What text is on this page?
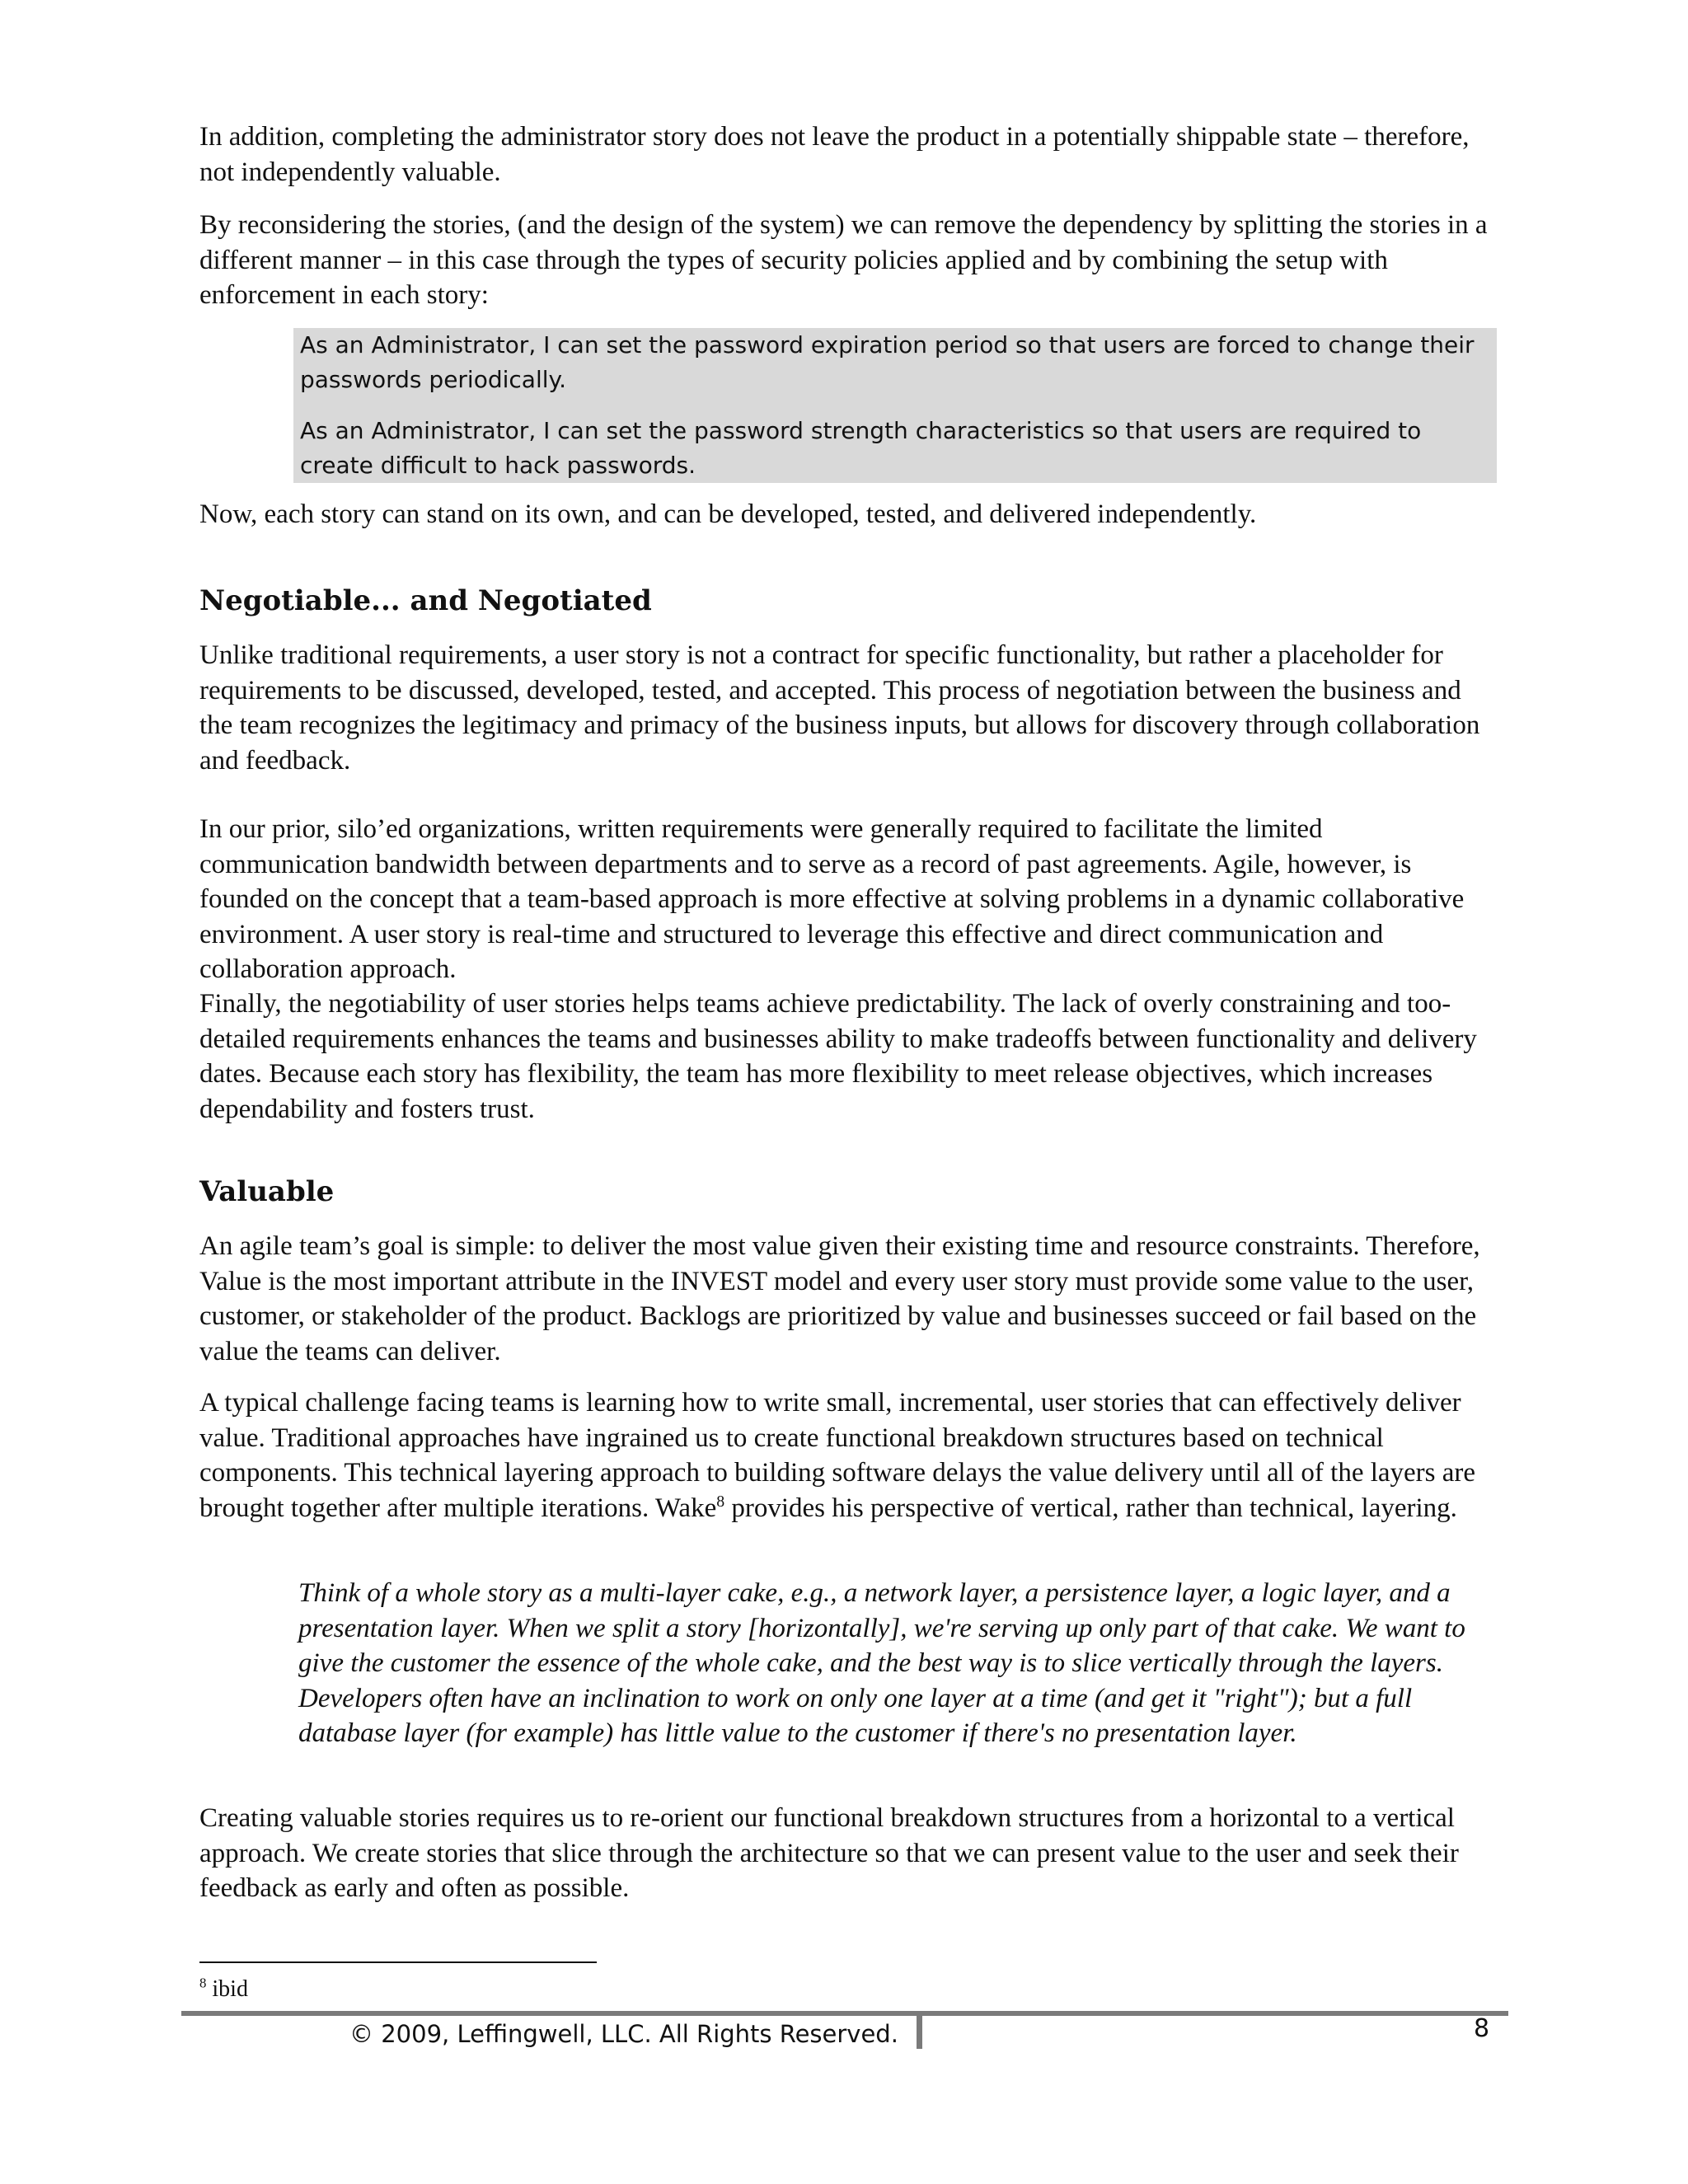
In addition, completing the administrator story does not leave the product in a potentially shippable state – therefore, not independently valuable.

By reconsidering the stories, (and the design of the system) we can remove the dependency by splitting the stories in a different manner – in this case through the types of security policies applied and by combining the setup with enforcement in each story:

As an Administrator, I can set the password expiration period so that users are forced to change their passwords periodically.

As an Administrator, I can set the password strength characteristics so that users are required to create difficult to hack passwords.

Now, each story can stand on its own, and can be developed, tested, and delivered independently.

Negotiable... and Negotiated

Unlike traditional requirements, a user story is not a contract for specific functionality, but rather a placeholder for requirements to be discussed, developed, tested, and accepted. This process of negotiation between the business and the team recognizes the legitimacy and primacy of the business inputs, but allows for discovery through collaboration and feedback.

In our prior, silo’ed organizations, written requirements were generally required to facilitate the limited communication bandwidth between departments and to serve as a record of past agreements. Agile, however, is founded on the concept that a team-based approach is more effective at solving problems in a dynamic collaborative environment. A user story is real-time and structured to leverage this effective and direct communication and collaboration approach.

Finally, the negotiability of user stories helps teams achieve predictability. The lack of overly constraining and too-detailed requirements enhances the teams and businesses ability to make tradeoffs between functionality and delivery dates. Because each story has flexibility, the team has more flexibility to meet release objectives, which increases dependability and fosters trust.

Valuable

An agile team’s goal is simple: to deliver the most value given their existing time and resource constraints. Therefore, Value is the most important attribute in the INVEST model and every user story must provide some value to the user, customer, or stakeholder of the product. Backlogs are prioritized by value and businesses succeed or fail based on the value the teams can deliver.

A typical challenge facing teams is learning how to write small, incremental, user stories that can effectively deliver value. Traditional approaches have ingrained us to create functional breakdown structures based on technical components. This technical layering approach to building software delays the value delivery until all of the layers are brought together after multiple iterations. Wake$^8$ provides his perspective of vertical, rather than technical, layering.

Think of a whole story as a multi-layer cake, e.g., a network layer, a persistence layer, a logic layer, and a presentation layer. When we split a story [horizontally], we're serving up only part of that cake. We want to give the customer the essence of the whole cake, and the best way is to slice vertically through the layers. Developers often have an inclination to work on only one layer at a time (and get it "right"); but a full database layer (for example) has little value to the customer if there's no presentation layer.

Creating valuable stories requires us to re-orient our functional breakdown structures from a horizontal to a vertical approach. We create stories that slice through the architecture so that we can present value to the user and seek their feedback as early and often as possible.

$^8$ ibid

© 2009, Leffingwell, LLC. All Rights Reserved.	8
